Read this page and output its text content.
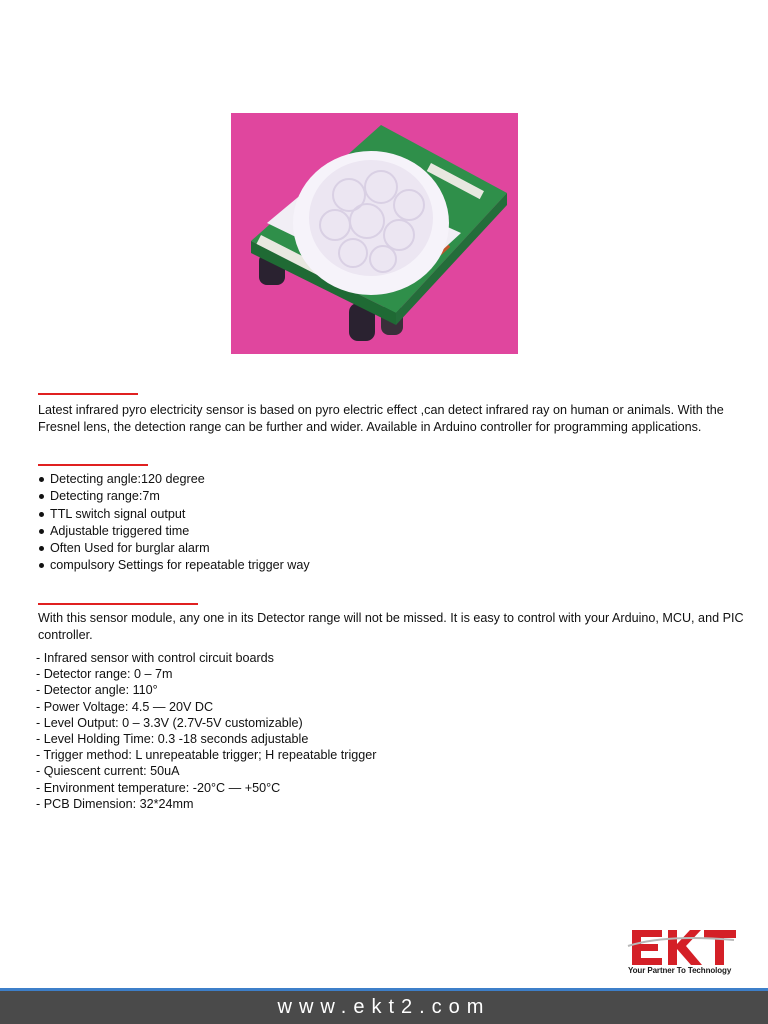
Latest infrared pyro electricity sensor is based on pyro electric effect ,can detect infrared ray on human or animals. With the Fresnel lens, the detection range can be further and wider. Available in Arduino controller for programming applications.

Detecting angle:120 degree
Detecting range:7m
TTL switch signal output
Adjustable triggered time
Often Used for burglar alarm
compulsory Settings for repeatable trigger way

With this sensor module, any one in its Detector range will not be missed. It is easy to control with your Arduino, MCU, and PIC controller.

- Infrared sensor with control circuit boards
- Detector range: 0 – 7m
- Detector angle: 110°
- Power Voltage: 4.5 — 20V DC
- Level Output: 0 – 3.3V (2.7V-5V customizable)
- Level Holding Time: 0.3 -18 seconds adjustable
- Trigger method: L unrepeatable trigger; H repeatable trigger
- Quiescent current: 50uA
- Environment temperature: -20°C — +50°C
- PCB Dimension: 32*24mm
Your Partner To Technology
www.ekt2.com
